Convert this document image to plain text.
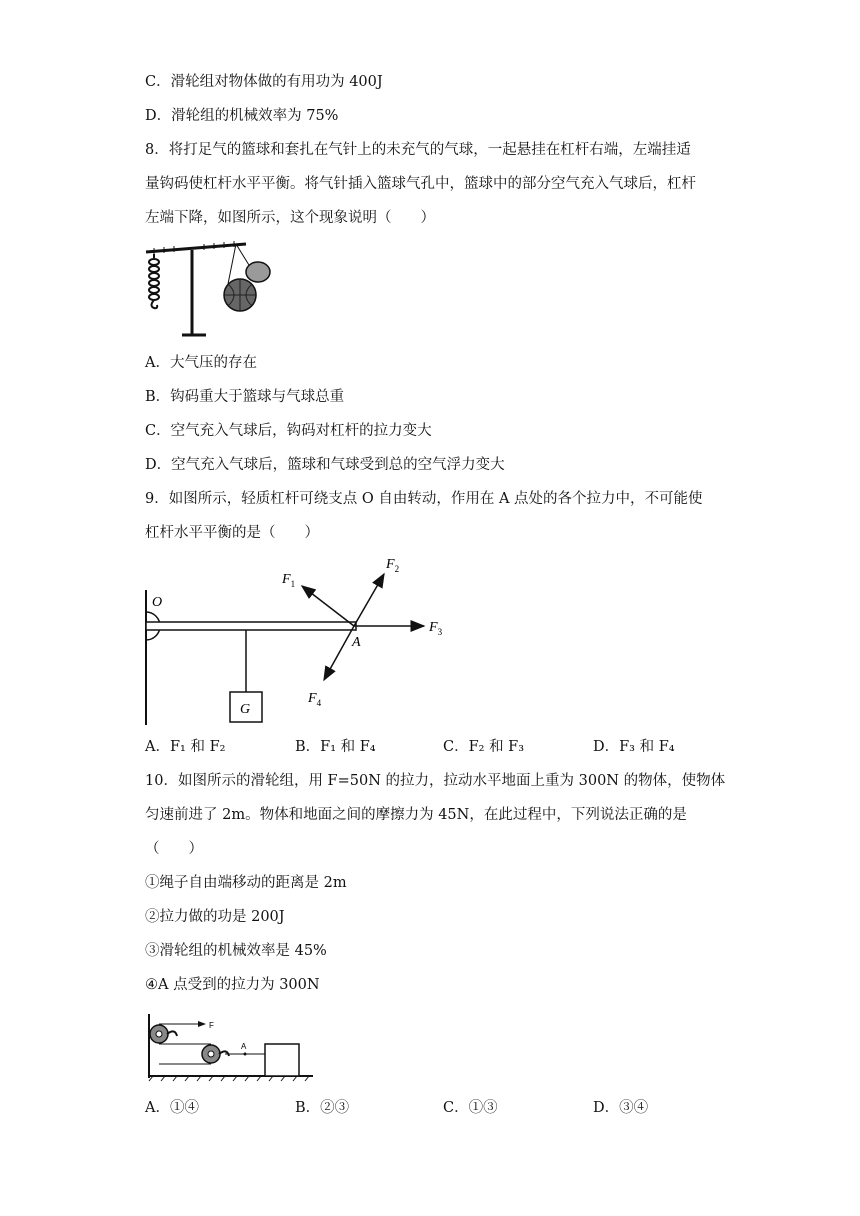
C．滑轮组对物体做的有用功为 400J
D．滑轮组的机械效率为 75%
8．将打足气的篮球和套扎在气针上的未充气的气球，一起悬挂在杠杆右端，左端挂适
量钩码使杠杆水平平衡。将气针插入篮球气孔中，篮球中的部分空气充入气球后，杠杆
左端下降，如图所示，这个现象说明（　　）
A．大气压的存在
B．钩码重大于篮球与气球总重
C．空气充入气球后，钩码对杠杆的拉力变大
D．空气充入气球后，篮球和气球受到总的空气浮力变大
9．如图所示，轻质杠杆可绕支点 O 自由转动，作用在 A 点处的各个拉力中，不可能使
杠杆水平平衡的是（　　）
O
G
A
$F_1$
$F_2$
$F_3$
$F_4$
A．F₁ 和 F₂	B．F₁ 和 F₄	C．F₂ 和 F₃	D．F₃ 和 F₄
10．如图所示的滑轮组，用 F=50N 的拉力，拉动水平地面上重为 300N 的物体，使物体
匀速前进了 2m。物体和地面之间的摩擦力为 45N，在此过程中，下列说法正确的是
（　　）
①绳子自由端移动的距离是 2m
②拉力做的功是 200J
③滑轮组的机械效率是 45%
④A 点受到的拉力为 300N
F
A
A．①④	B．②③	C．①③	D．③④
